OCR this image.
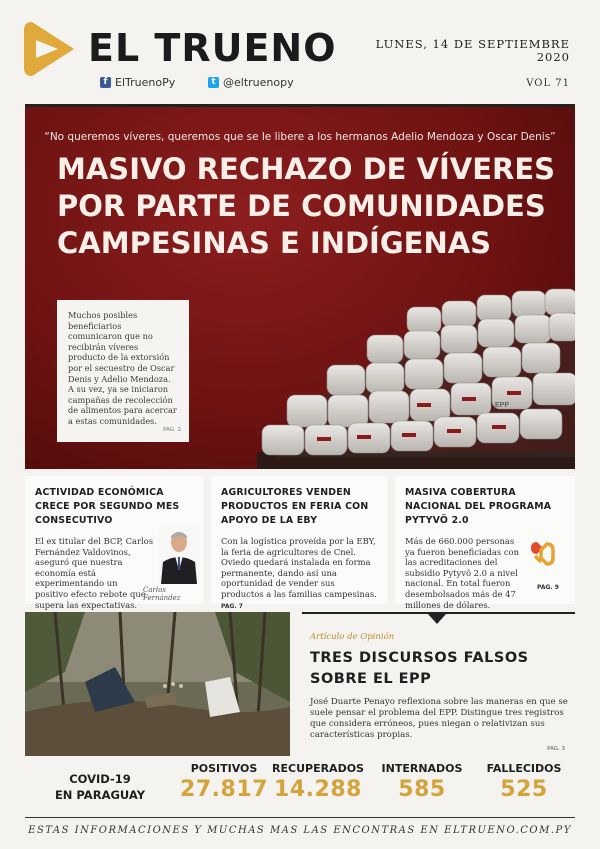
EL TRUENO
f ElTruenoPy	t @eltruenopy
LUNES, 14 DE SEPTIEMBRE
2020
VOL 71
“No queremos víveres, queremos que se le libere a los hermanos Adelio Mendoza y Oscar Denis”
MASIVO RECHAZO DE VÍVERES
POR PARTE DE COMUNIDADES
CAMPESINAS E INDÍGENAS

Muchos posibles beneficiarios comunicaron que no recibirán víveres producto de la extorsión por el secuestro de Oscar Denis y Adelio Mendoza. A su vez, ya se iniciaron campañas de recolección de alimentos para acercar a estas comunidades.

PAG. 2
EPP
ACTIVIDAD ECONÓMICA CRECE POR SEGUNDO MES CONSECUTIVO

El ex titular del BCP, Carlos Fernández Valdovinos, aseguró que nuestra economía está experimentando un positivo efecto rebote que supera las expectativas.

Carlos Fernández
AGRICULTORES VENDEN PRODUCTOS EN FERIA CON APOYO DE LA EBY

Con la logística proveída por la EBY, la feria de agricultores de Cnel. Oviedo quedará instalada en forma permanente, dando así una oportunidad de vender sus productos a las familias campesinas. PAG. 7

MASIVA COBERTURA NACIONAL DEL PROGRAMA PYTYVÕ 2.0

Más de 660.000 personas ya fueron beneficiadas con las acreditaciones del subsidio Pytyvõ 2.0 a nivel nacional. En total fueron desembolsados más de 47 millones de dólares.

PAG. 9
Artículo de Opinión
TRES DISCURSOS FALSOS SOBRE EL EPP

José Duarte Penayo reflexiona sobre las maneras en que se suele pensar el problema del EPP. Distingue tres registros que considera erróneos, pues niegan o relativizan sus características propias.

PAG. 3
COVID-19
EN PARAGUAY
POSITIVOS
27.817
RECUPERADOS
14.288
INTERNADOS
585
FALLECIDOS
525
ESTAS INFORMACIONES Y MUCHAS MAS LAS ENCONTRAS EN ELTRUENO.COM.PY
